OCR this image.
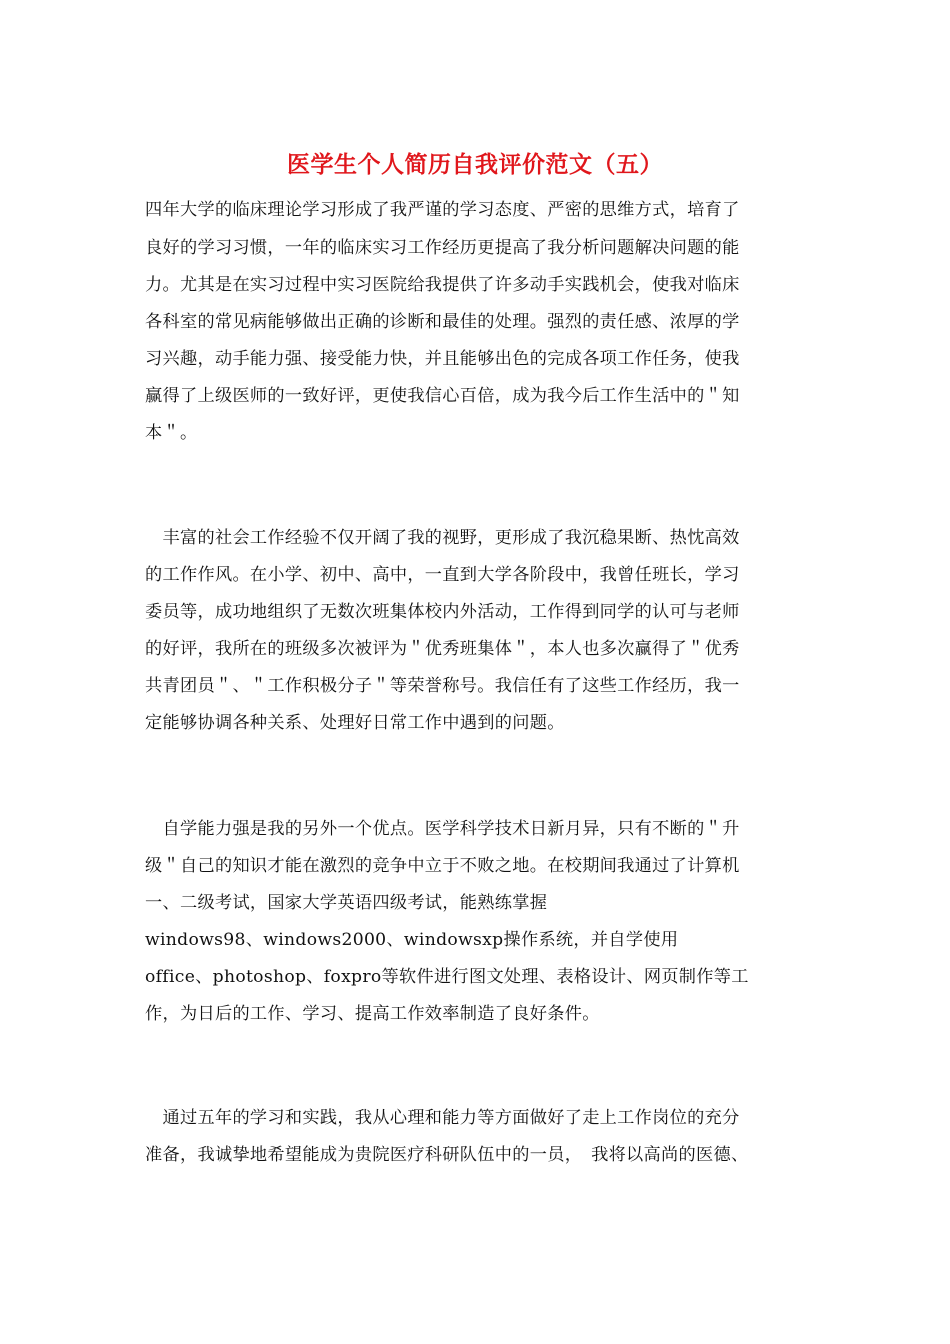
医学生个人简历自我评价范文（五）
四年大学的临床理论学习形成了我严谨的学习态度、严密的思维方式，培育了
良好的学习习惯，一年的临床实习工作经历更提高了我分析问题解决问题的能
力。尤其是在实习过程中实习医院给我提供了许多动手实践机会，使我对临床
各科室的常见病能够做出正确的诊断和最佳的处理。强烈的责任感、浓厚的学
习兴趣，动手能力强、接受能力快，并且能够出色的完成各项工作任务，使我
赢得了上级医师的一致好评，更使我信心百倍，成为我今后工作生活中的＂知
本＂。
　丰富的社会工作经验不仅开阔了我的视野，更形成了我沉稳果断、热忱高效
的工作作风。在小学、初中、高中，一直到大学各阶段中，我曾任班长，学习
委员等，成功地组织了无数次班集体校内外活动，工作得到同学的认可与老师
的好评，我所在的班级多次被评为＂优秀班集体＂，本人也多次赢得了＂优秀
共青团员＂、＂工作积极分子＂等荣誉称号。我信任有了这些工作经历，我一
定能够协调各种关系、处理好日常工作中遇到的问题。
　自学能力强是我的另外一个优点。医学科学技术日新月异，只有不断的＂升
级＂自己的知识才能在激烈的竞争中立于不败之地。在校期间我通过了计算机
一、二级考试，国家大学英语四级考试，能熟练掌握
windows98、windows2000、windowsxp操作系统，并自学使用
office、photoshop、foxpro等软件进行图文处理、表格设计、网页制作等工
作，为日后的工作、学习、提高工作效率制造了良好条件。
　通过五年的学习和实践，我从心理和能力等方面做好了走上工作岗位的充分
准备，我诚挚地希望能成为贵院医疗科研队伍中的一员，　我将以高尚的医德、
